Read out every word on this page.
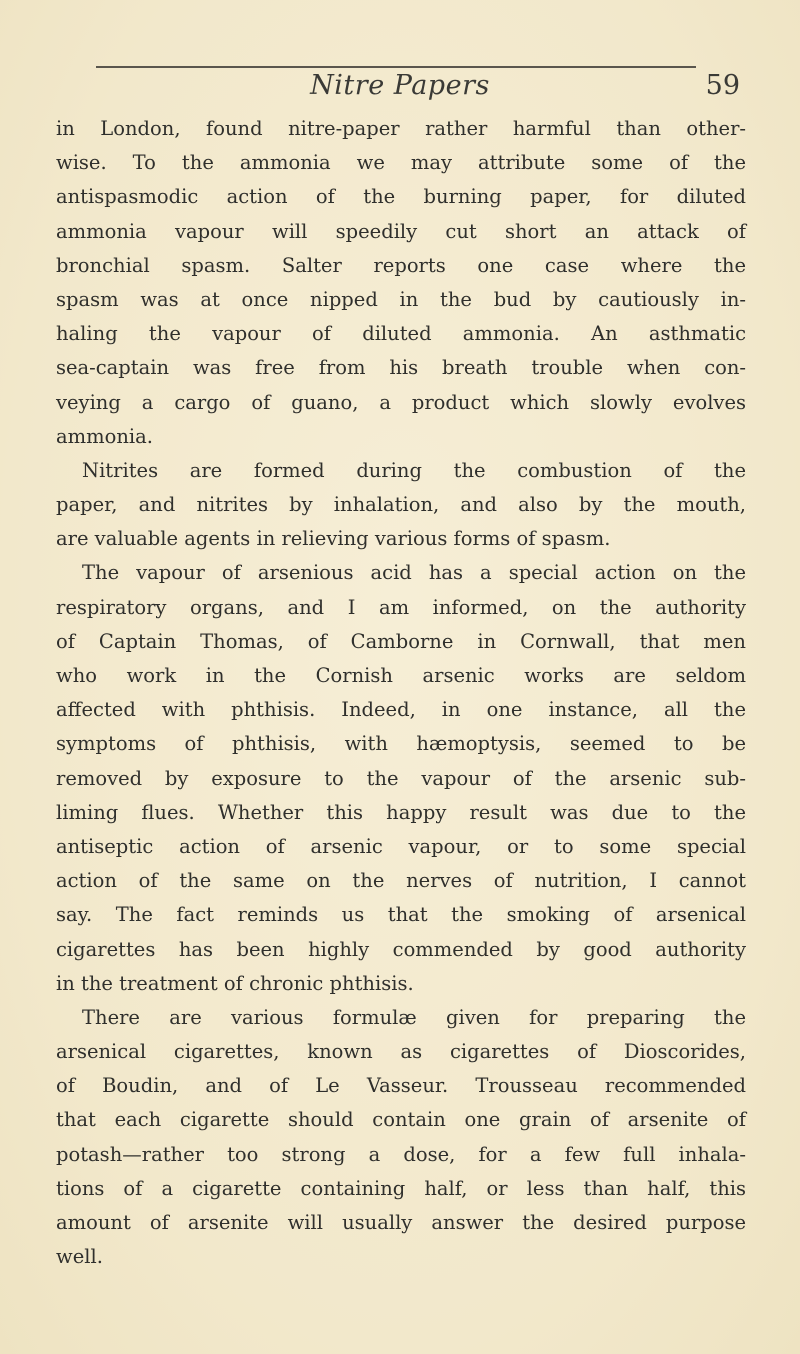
Nitre Papers	59
in London, found nitre-paper rather harmful than other-
wise. To the ammonia we may attribute some of the
antispasmodic action of the burning paper, for diluted
ammonia vapour will speedily cut short an attack of
bronchial spasm. Salter reports one case where the
spasm was at once nipped in the bud by cautiously in-
haling the vapour of diluted ammonia. An asthmatic
sea-captain was free from his breath trouble when con-
veying a cargo of guano, a product which slowly evolves
ammonia.
Nitrites are formed during the combustion of the
paper, and nitrites by inhalation, and also by the mouth,
are valuable agents in relieving various forms of spasm.
The vapour of arsenious acid has a special action on the
respiratory organs, and I am informed, on the authority
of Captain Thomas, of Camborne in Cornwall, that men
who work in the Cornish arsenic works are seldom
affected with phthisis. Indeed, in one instance, all the
symptoms of phthisis, with hæmoptysis, seemed to be
removed by exposure to the vapour of the arsenic sub-
liming flues. Whether this happy result was due to the
antiseptic action of arsenic vapour, or to some special
action of the same on the nerves of nutrition, I cannot
say. The fact reminds us that the smoking of arsenical
cigarettes has been highly commended by good authority
in the treatment of chronic phthisis.
There are various formulæ given for preparing the
arsenical cigarettes, known as cigarettes of Dioscorides,
of Boudin, and of Le Vasseur. Trousseau recommended
that each cigarette should contain one grain of arsenite of
potash—rather too strong a dose, for a few full inhala-
tions of a cigarette containing half, or less than half, this
amount of arsenite will usually answer the desired purpose
well.
